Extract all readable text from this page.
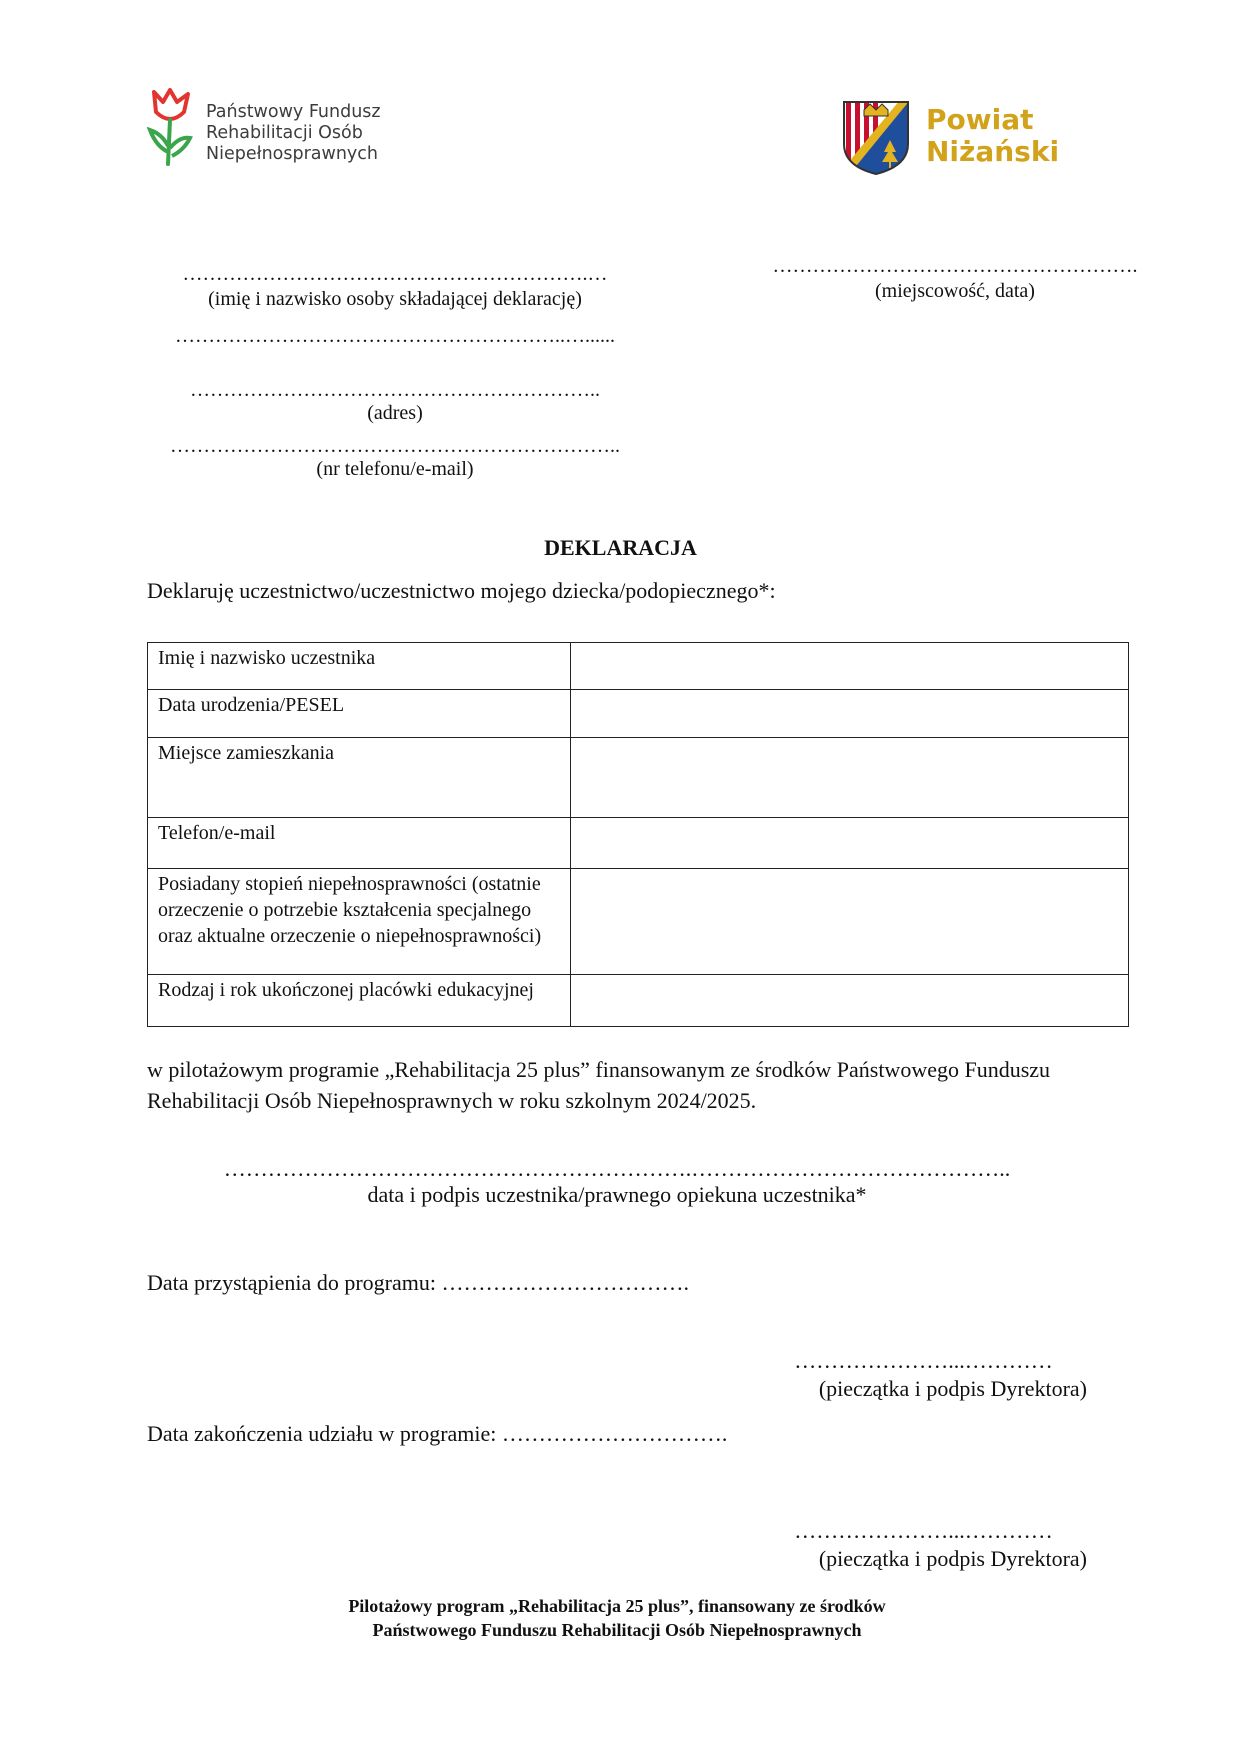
Państwowy Fundusz
Rehabilitacji Osób
Niepełnosprawnych
Powiat
Niżański
…………………………………………………….…
(imię i nazwisko osoby składającej deklarację)
…………………………………………………..…......
……………………………………………………..
(adres)
…………………………………………………………..
(nr telefonu/e-mail)
……………………………………………….
(miejscowość, data)
DEKLARACJA
Deklaruję uczestnictwo/uczestnictwo mojego dziecka/podopiecznego*:
Imię i nazwisko uczestnika	
Data urodzenia/PESEL	
Miejsce zamieszkania	
Telefon/e-mail	
Posiadany stopień niepełnosprawności (ostatnie orzeczenie o potrzebie kształcenia specjalnego oraz aktualne orzeczenie o niepełnosprawności)	
Rodzaj i rok ukończonej placówki edukacyjnej	
w pilotażowym programie „Rehabilitacja 25 plus” finansowanym ze środków Państwowego Funduszu Rehabilitacji Osób Niepełnosprawnych w roku szkolnym 2024/2025.
……………………………………………………….……………………………………..
data i podpis uczestnika/prawnego opiekuna uczestnika*
Data przystąpienia do programu: …………………………….
…………………...…………
(pieczątka i podpis Dyrektora)
Data zakończenia udziału w programie: ………………………….
…………………...…………
(pieczątka i podpis Dyrektora)
Pilotażowy program „Rehabilitacja 25 plus”, finansowany ze środków
Państwowego Funduszu Rehabilitacji Osób Niepełnosprawnych
